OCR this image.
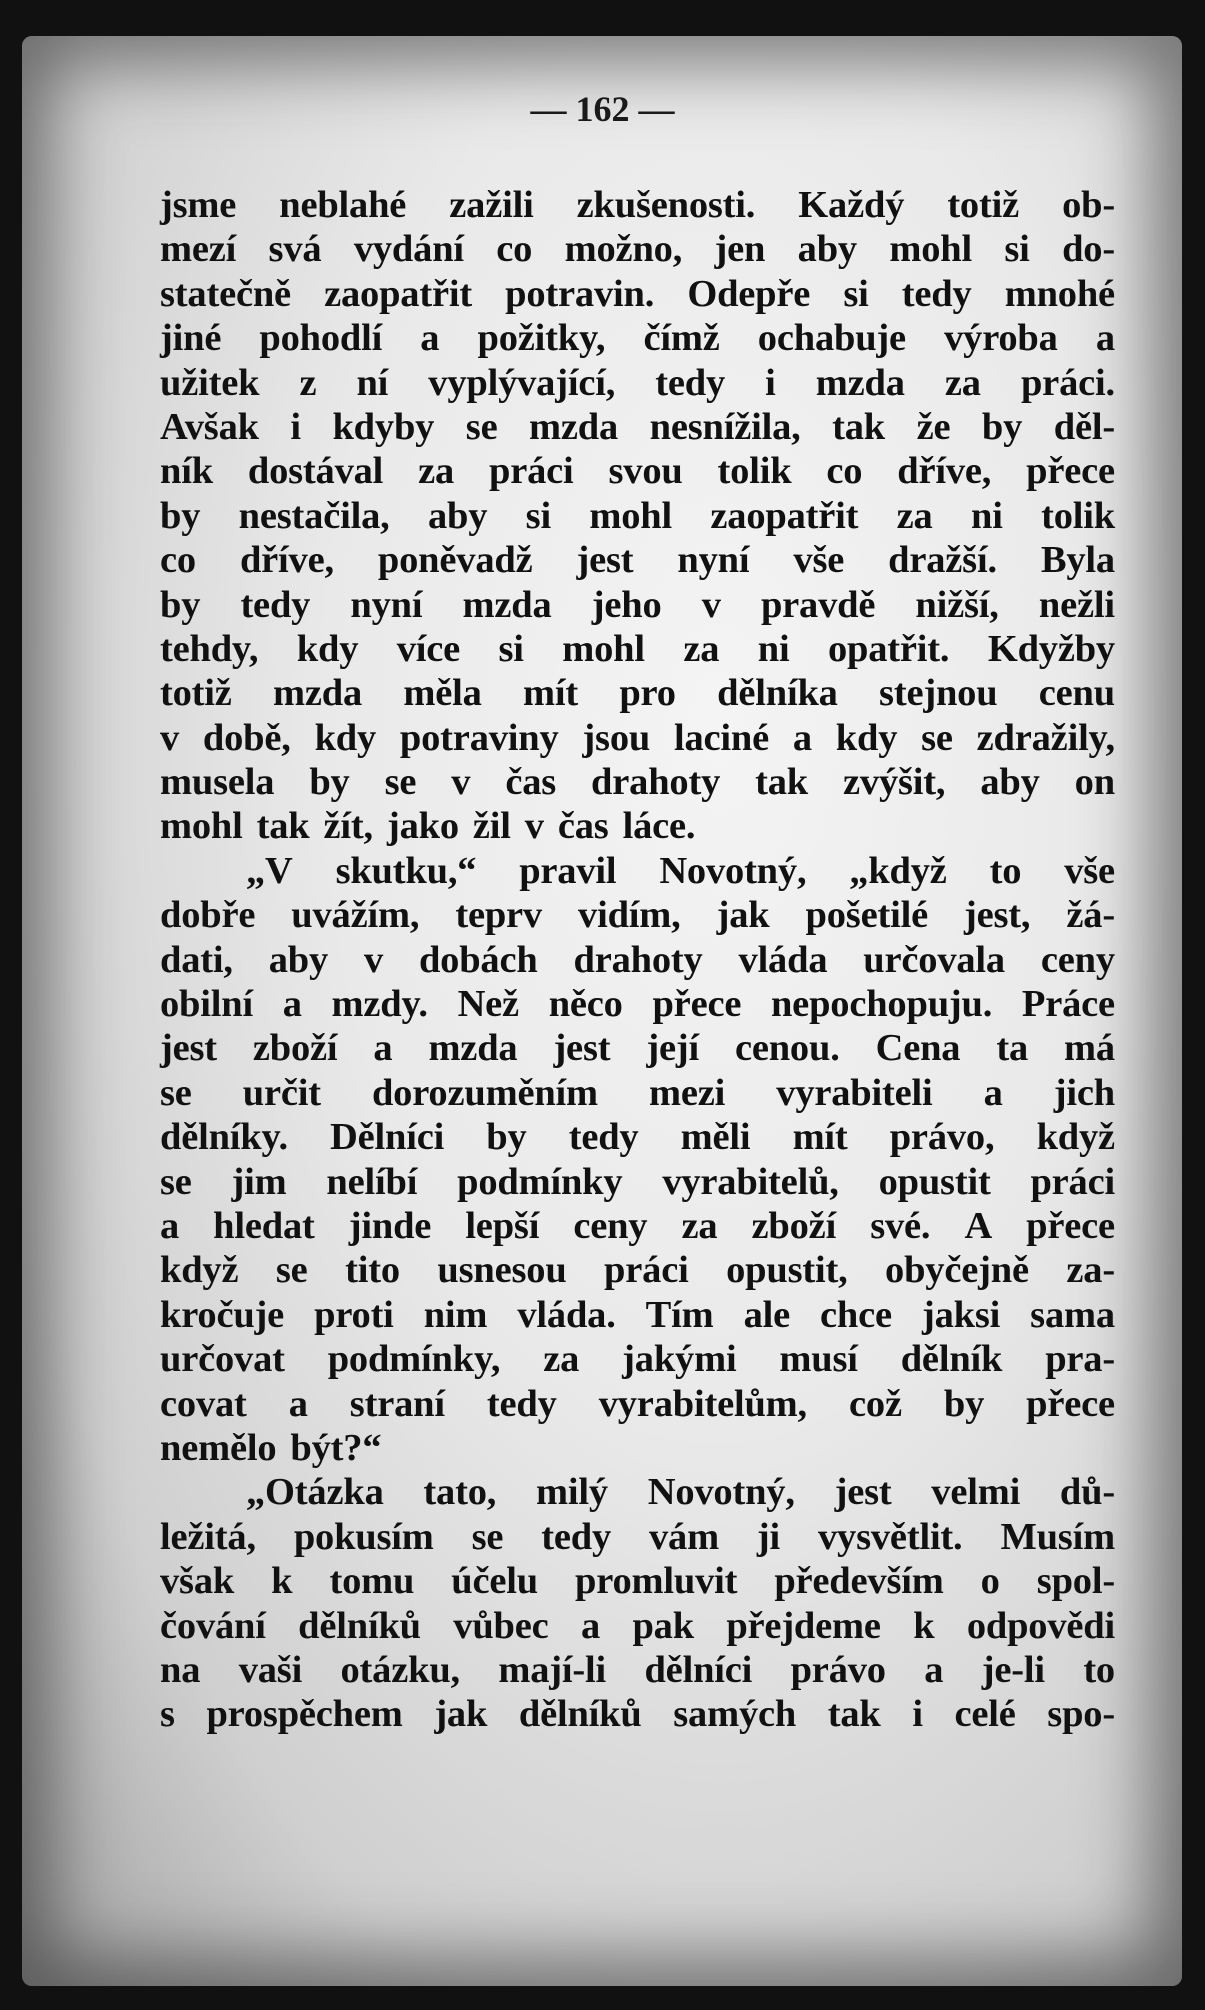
— 162 —
jsme neblahé zažili zkušenosti. Každý totiž ob-
mezí svá vydání co možno, jen aby mohl si do-
statečně zaopatřit potravin. Odepře si tedy mnohé
jiné pohodlí a požitky, čímž ochabuje výroba a
užitek z ní vyplývající, tedy i mzda za práci.
Avšak i kdyby se mzda nesnížila, tak že by děl-
ník dostával za práci svou tolik co dříve, přece
by nestačila, aby si mohl zaopatřit za ni tolik
co dříve, poněvadž jest nyní vše dražší. Byla
by tedy nyní mzda jeho v pravdě nižší, nežli
tehdy, kdy více si mohl za ni opatřit. Kdyžby
totiž mzda měla mít pro dělníka stejnou cenu
v době, kdy potraviny jsou laciné a kdy se zdražily,
musela by se v čas drahoty tak zvýšit, aby on
mohl tak žít, jako žil v čas láce.
„V skutku,“ pravil Novotný, „když to vše
dobře uvážím, teprv vidím, jak pošetilé jest, žá-
dati, aby v dobách drahoty vláda určovala ceny
obilní a mzdy. Než něco přece nepochopuju. Práce
jest zboží a mzda jest její cenou. Cena ta má
se určit dorozuměním mezi vyrabiteli a jich
dělníky. Dělníci by tedy měli mít právo, když
se jim nelíbí podmínky vyrabitelů, opustit práci
a hledat jinde lepší ceny za zboží své. A přece
když se tito usnesou práci opustit, obyčejně za-
kročuje proti nim vláda. Tím ale chce jaksi sama
určovat podmínky, za jakými musí dělník pra-
covat a straní tedy vyrabitelům, což by přece
nemělo být?“
„Otázka tato, milý Novotný, jest velmi dů-
ležitá, pokusím se tedy vám ji vysvětlit. Musím
však k tomu účelu promluvit především o spol-
čování dělníků vůbec a pak přejdeme k odpovědi
na vaši otázku, mají-li dělníci právo a je-li to
s prospěchem jak dělníků samých tak i celé spo-
